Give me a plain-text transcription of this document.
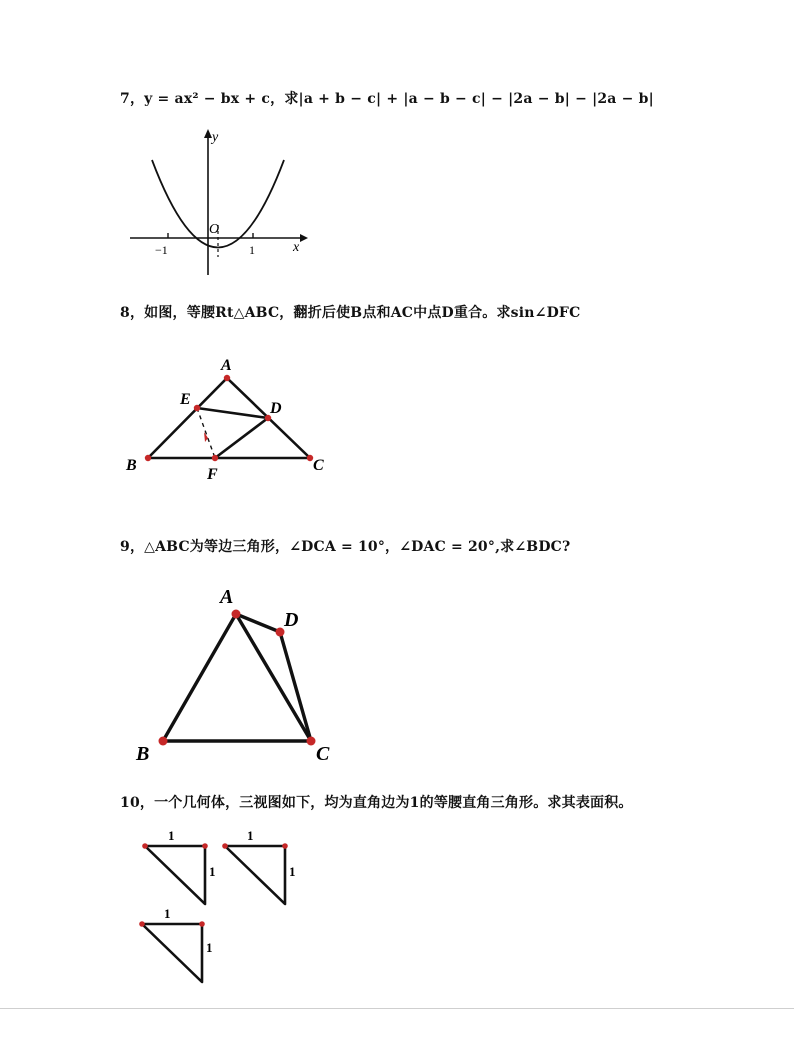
7，y = ax² − bx + c，求|a + b − c| + |a − b − c| − |2a − b| − |2a − b|
y
x
O
−1	1
8，如图，等腰Rt△ABC，翻折后使B点和AC中点D重合。求sin∠DFC
A
B	C
D
E
F
9，△ABC为等边三角形，∠DCA = 10°，∠DAC = 20°,求∠BDC?
A
B	C
D
10，一个几何体，三视图如下，均为直角边为1的等腰直角三角形。求其表面积。
1
1
1
1
1
1
